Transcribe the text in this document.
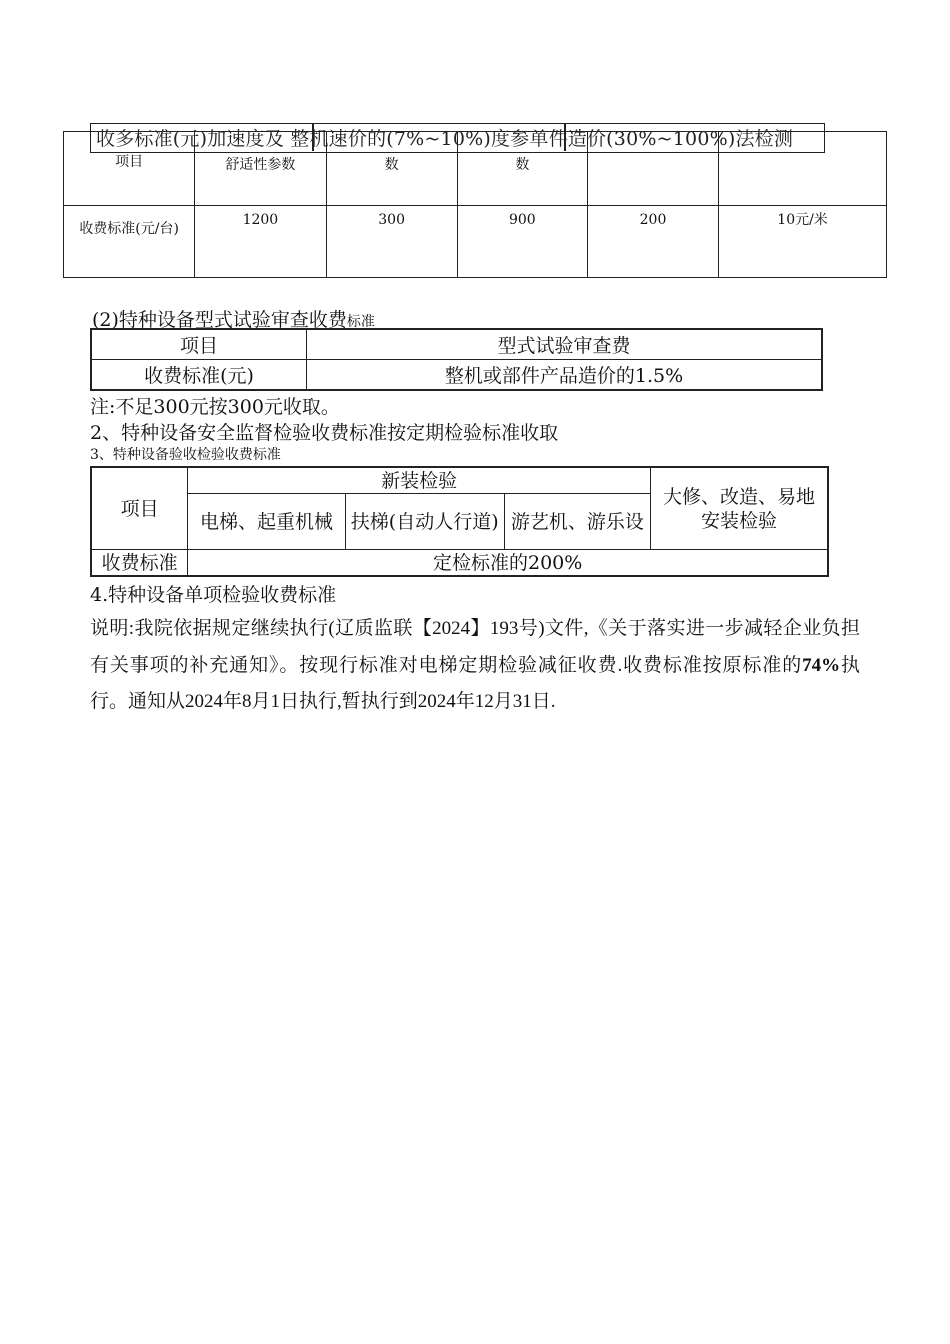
项目	舒适性参数	数	数		
收费标准(元/台)	1200	300	900	200	10元/米
收多标准(元)加速度及 整机速价的(7%~10%)度参单件造价(30%~100%)法检测
(2)特种设备型式试验审查收费标准
项目	型式试验审查费
收费标准(元)	整机或部件产品造价的1.5%
注:不足300元按300元收取。
2、特种设备安全监督检验收费标准按定期检验标准收取
3、特种设备验收检验收费标准
项目	新装检验			大修、改造、易地安装检验
	电梯、起重机械	扶梯(自动人行道)	游艺机、游乐设	
收费标准	定检标准的200%			
4.特种设备单项检验收费标准
说明:我院依据规定继续执行(辽质监联【2024】193号)文件,《关于落实进一步减轻企业负担有关事项的补充通知》。按现行标准对电梯定期检验减征收费.收费标准按原标准的74%执行。通知从2024年8月1日执行,暂执行到2024年12月31日.
